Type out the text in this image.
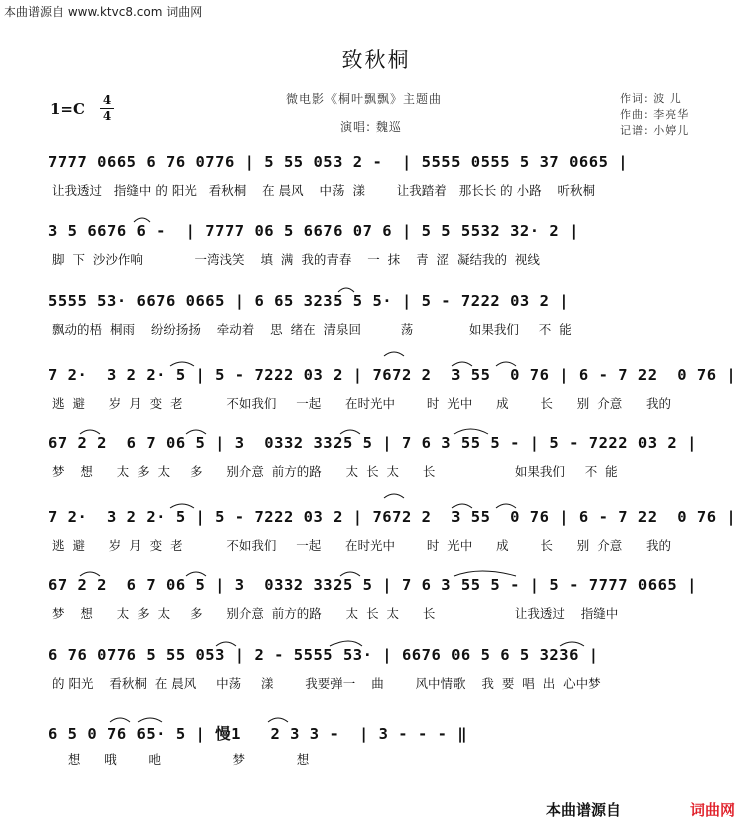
本曲谱源自 www.ktvc8.com 词曲网
致秋桐
1=C 4
4
微电影《桐叶飘飘》主题曲
演唱: 魏巡
作词: 波 儿
作曲: 李亮华
记谱: 小婷儿
7777 0665 6 76 0776 | 5 55 053 2 -  | 5555 0555 5 37 0665 |
让我透过   指缝中 的 阳光   看秋桐    在 晨风    中荡  漾        让我踏着   那长长 的 小路    听秋桐
3 5 6676 6 -  | 7777 06 5 6676 07 6 | 5 5 5532 32· 2 |
脚  下  沙沙作响             一湾浅笑    填  满  我的青春    一  抹    青  涩  凝结我的  视线
5555 53· 6676 0665 | 6 65 3235 5 5· | 5 - 7222 03 2 |
飘动的梧  桐雨    纷纷扬扬    牵动着    思  绪在  清泉回          荡              如果我们     不  能
7 2·  3 2 2· 5 | 5 - 7222 03 2 | 7672 2  3 55  0 76 | 6 - 7 22  0 76 |
逃  避      岁  月  变  老           不如我们     一起      在时光中        时  光中      成        长      别  介意      我的
67 2 2  6 7 06 5 | 3  0332 3325 5 | 7 6 3 55 5 - | 5 - 7222 03 2 |
梦    想      太  多  太     多      别介意  前方的路      太  长  太      长                    如果我们     不  能
7 2·  3 2 2· 5 | 5 - 7222 03 2 | 7672 2  3 55  0 76 | 6 - 7 22  0 76 |
逃  避      岁  月  变  老           不如我们     一起      在时光中        时  光中      成        长      别  介意      我的
67 2 2  6 7 06 5 | 3  0332 3325 5 | 7 6 3 55 5 - | 5 - 7777 0665 |
梦    想      太  多  太     多      别介意  前方的路      太  长  太      长                    让我透过    指缝中
6 76 0776 5 55 053 | 2 - 5555 53· | 6676 06 5 6 5 3236 |
的 阳光    看秋桐  在 晨风     中荡     漾        我要弹一    曲        风中情歌    我  要  唱  出  心中梦
6 5 0 76 65· 5 | 慢1   2 3 3 -  | 3 - - - ‖
想      哦        吔                  梦             想
本曲谱源自	词曲网
